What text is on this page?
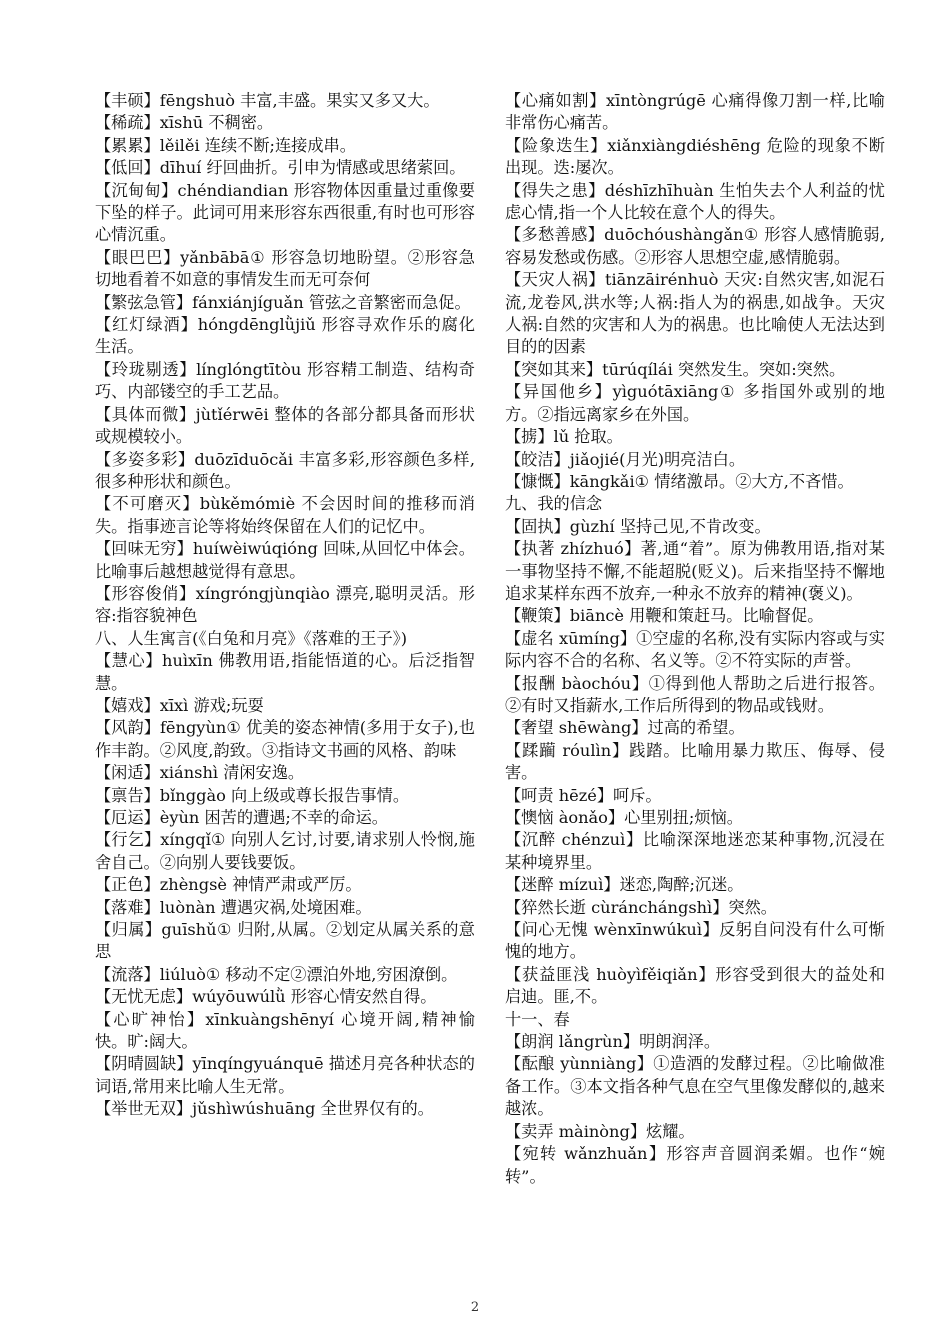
【丰硕】fēngshuò 丰富,丰盛。果实又多又大。

【稀疏】xīshū 不稠密。

【累累】lěilěi 连续不断;连接成串。

【低回】dīhuí 纡回曲折。引申为情感或思绪萦回。

【沉甸甸】chéndiandian 形容物体因重量过重像要下坠的样子。此词可用来形容东西很重,有时也可形容心情沉重。

【眼巴巴】yǎnbābā① 形容急切地盼望。②形容急切地看着不如意的事情发生而无可奈何

【繁弦急管】fánxiánjíguǎn 管弦之音繁密而急促。

【红灯绿酒】hóngdēnglǜjiǔ 形容寻欢作乐的腐化生活。

【玲珑剔透】línglóngtītòu 形容精工制造、结构奇巧、内部镂空的手工艺品。

【具体而微】jùtǐérwēi 整体的各部分都具备而形状或规模较小。

【多姿多彩】duōzīduōcǎi 丰富多彩,形容颜色多样,很多种形状和颜色。

【不可磨灭】bùkěmómiè 不会因时间的推移而消失。指事迹言论等将始终保留在人们的记忆中。

【回味无穷】huíwèiwúqióng 回味,从回忆中体会。比喻事后越想越觉得有意思。

【形容俊俏】xíngróngjùnqiào 漂亮,聪明灵活。形容:指容貌神色

八、人生寓言(《白兔和月亮》《落难的王子》)

【慧心】huìxīn 佛教用语,指能悟道的心。后泛指智慧。

【嬉戏】xīxì 游戏;玩耍

【风韵】fēngyùn① 优美的姿态神情(多用于女子),也作丰韵。②风度,韵致。③指诗文书画的风格、韵味

【闲适】xiánshì 清闲安逸。

【禀告】bǐnggào 向上级或尊长报告事情。

【厄运】èyùn 困苦的遭遇;不幸的命运。

【行乞】xíngqǐ① 向别人乞讨,讨要,请求别人怜悯,施舍自己。②向别人要钱要饭。

【正色】zhèngsè 神情严肃或严厉。

【落难】luònàn 遭遇灾祸,处境困难。

【归属】guīshǔ① 归附,从属。②划定从属关系的意思

【流落】liúluò① 移动不定②漂泊外地,穷困潦倒。

【无忧无虑】wúyōuwúlǜ 形容心情安然自得。

【心旷神怡】xīnkuàngshēnyí 心境开阔,精神愉快。旷:阔大。

【阴晴圆缺】yīnqíngyuánquē 描述月亮各种状态的词语,常用来比喻人生无常。

【举世无双】jǔshìwúshuāng 全世界仅有的。

【心痛如割】xīntòngrúgē 心痛得像刀割一样,比喻非常伤心痛苦。

【险象迭生】xiǎnxiàngdiéshēng 危险的现象不断出现。迭:屡次。

【得失之患】déshīzhīhuàn 生怕失去个人利益的忧虑心情,指一个人比较在意个人的得失。

【多愁善感】duōchóushàngǎn① 形容人感情脆弱,容易发愁或伤感。②形容人思想空虚,感情脆弱。

【天灾人祸】tiānzāirénhuò 天灾:自然灾害,如泥石流,龙卷风,洪水等;人祸:指人为的祸患,如战争。天灾人祸:自然的灾害和人为的祸患。也比喻使人无法达到目的的因素

【突如其来】tūrúqílái 突然发生。突如:突然。

【异国他乡】yìguótāxiāng① 多指国外或别的地方。②指远离家乡在外国。

【掳】lǔ 抢取。

【皎洁】jiǎojié(月光)明亮洁白。

【慷慨】kāngkǎi① 情绪激昂。②大方,不吝惜。

九、我的信念

【固执】gùzhí 坚持己见,不肯改变。

【执著 zhízhuó】著,通“着”。原为佛教用语,指对某一事物坚持不懈,不能超脱(贬义)。后来指坚持不懈地追求某样东西不放弃,一种永不放弃的精神(褒义)。

【鞭策】biāncè 用鞭和策赶马。比喻督促。

【虚名 xūmíng】①空虚的名称,没有实际内容或与实际内容不合的名称、名义等。②不符实际的声誉。

【报酬 bàochóu】①得到他人帮助之后进行报答。②有时又指薪水,工作后所得到的物品或钱财。

【奢望 shēwàng】过高的希望。

【蹂躏 róulìn】践踏。比喻用暴力欺压、侮辱、侵害。

【呵责 hēzé】呵斥。

【懊恼 àonǎo】心里别扭;烦恼。

【沉醉 chénzuì】比喻深深地迷恋某种事物,沉浸在某种境界里。

【迷醉 mízuì】迷恋,陶醉;沉迷。

【猝然长逝 cùránchángshì】突然。

【问心无愧 wènxīnwúkuì】反躬自问没有什么可惭愧的地方。

【获益匪浅 huòyìfěiqiǎn】形容受到很大的益处和启迪。匪,不。

十一、春

【朗润 lǎngrùn】明朗润泽。

【酝酿 yùnniàng】①造酒的发酵过程。②比喻做准备工作。③本文指各种气息在空气里像发酵似的,越来越浓。

【卖弄 màinòng】炫耀。

【宛转 wǎnzhuǎn】形容声音圆润柔媚。也作“婉转”。

2
